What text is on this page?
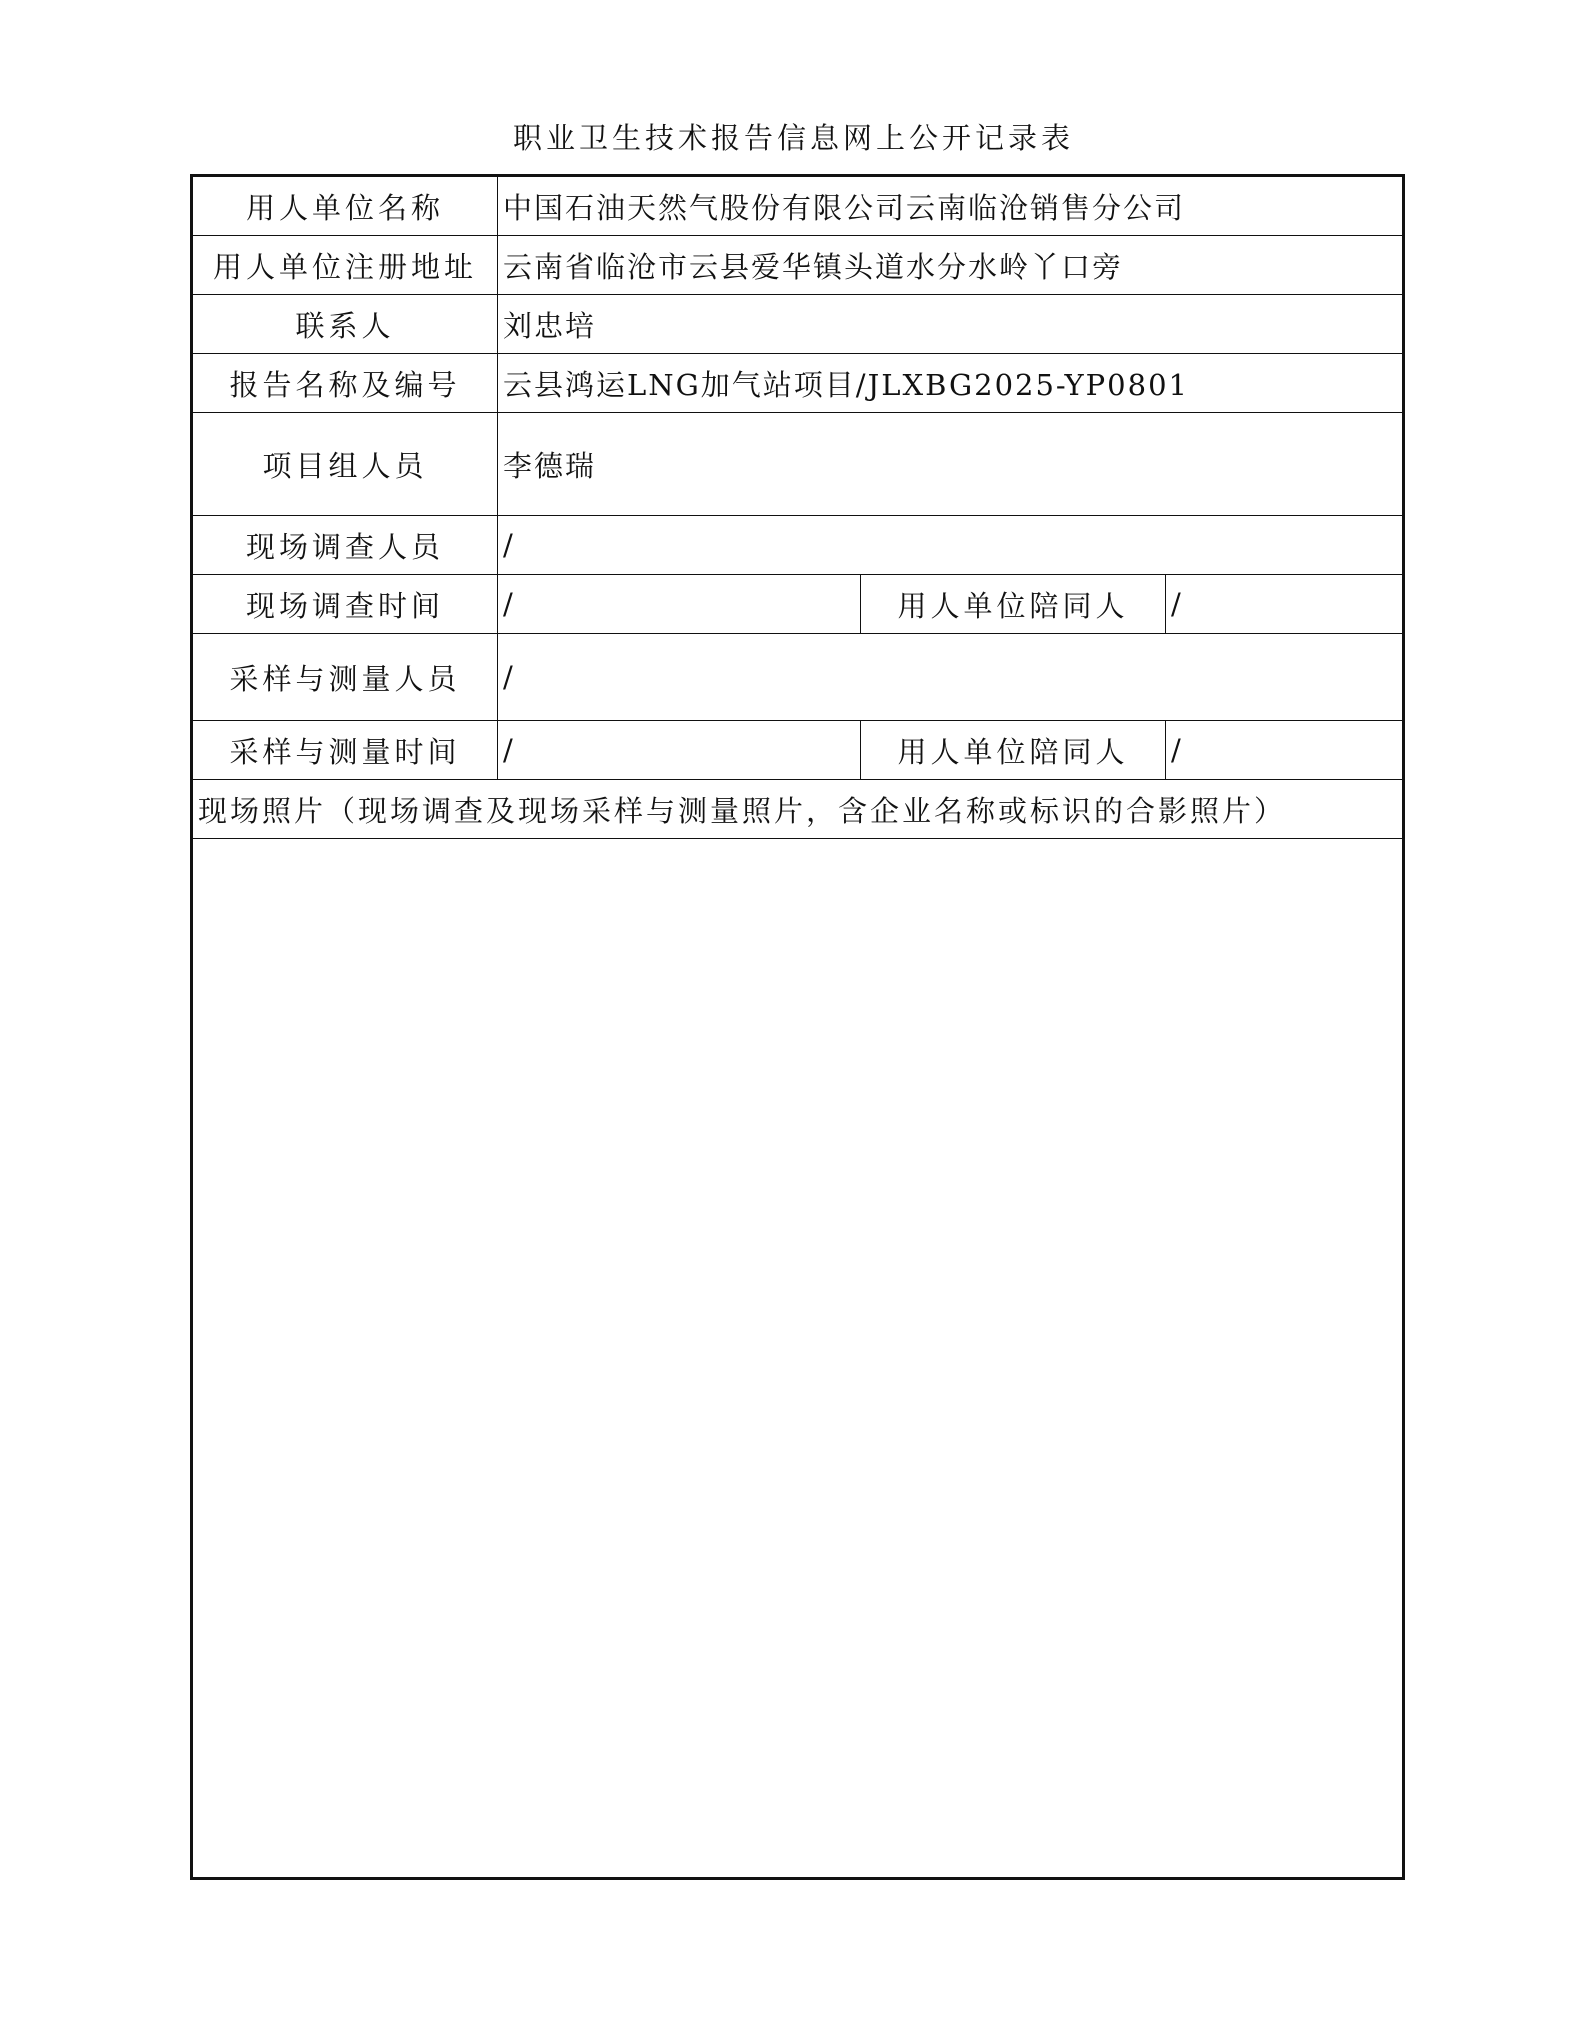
职业卫生技术报告信息网上公开记录表
用人单位名称	中国石油天然气股份有限公司云南临沧销售分公司		
用人单位注册地址	云南省临沧市云县爱华镇头道水分水岭丫口旁		
联系人	刘忠培		
报告名称及编号	云县鸿运LNG加气站项目/JLXBG2025-YP0801		
项目组人员	李德瑞		
现场调查人员	/		
现场调查时间	/	用人单位陪同人	/
采样与测量人员	/		
采样与测量时间	/	用人单位陪同人	/
现场照片（现场调查及现场采样与测量照片，含企业名称或标识的合影照片）			
